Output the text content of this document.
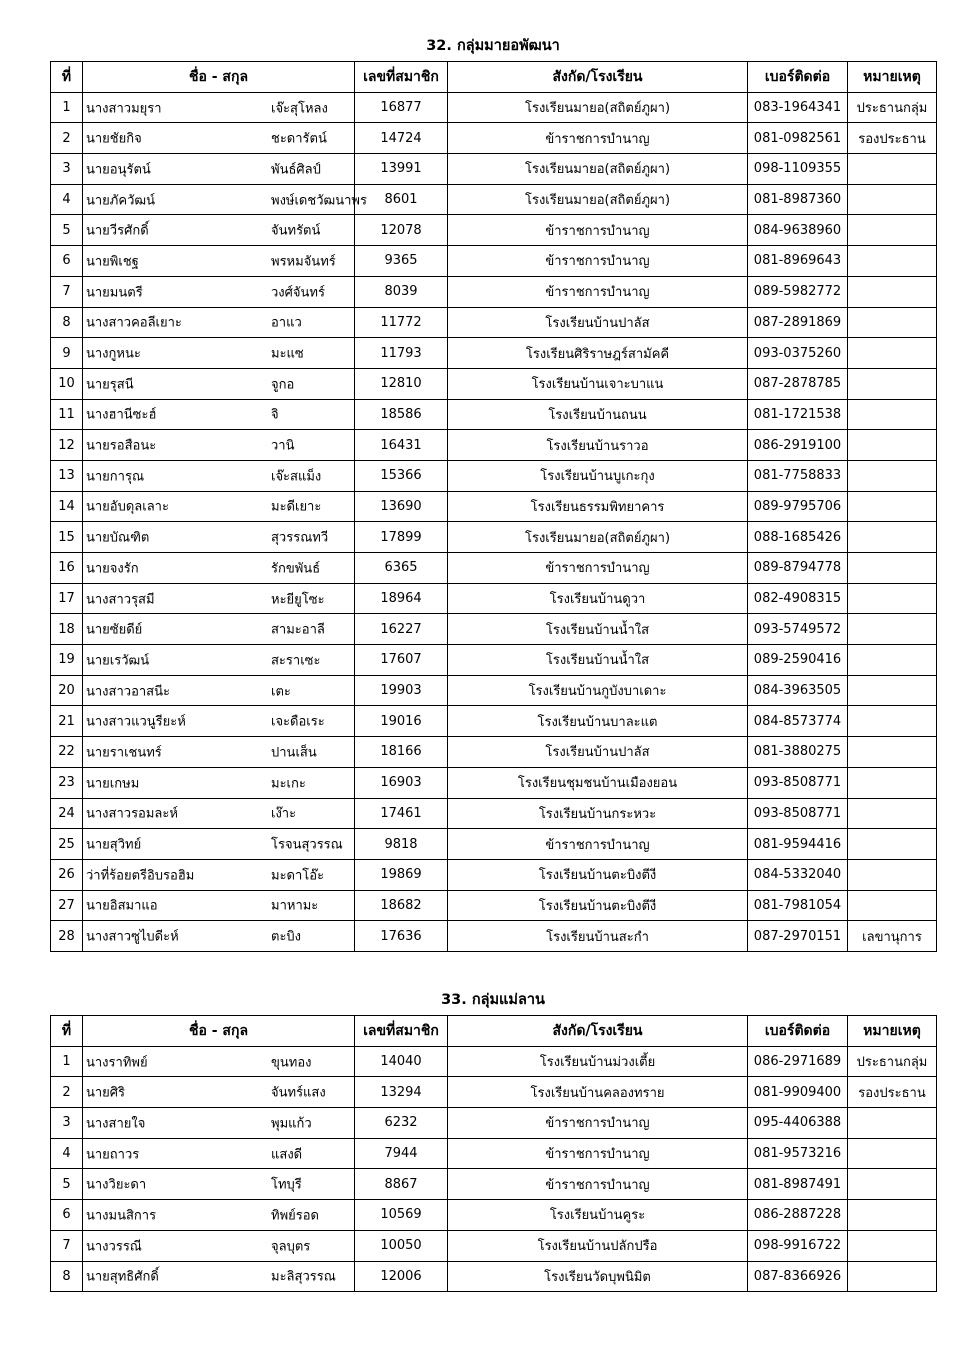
32. กลุ่มมายอพัฒนา
ที่	ชื่อ - สกุล	เลขที่สมาชิก	สังกัด/โรงเรียน	เบอร์ติดต่อ	หมายเหตุ
1	นางสาวมยุรา เจ๊ะสุโหลง	16877	โรงเรียนมายอ(สถิตย์ภูผา)	083-1964341	ประธานกลุ่ม
2	นายชัยกิจ ชะดารัตน์	14724	ข้าราชการบำนาญ	081-0982561	รองประธาน
3	นายอนุรัตน์ พันธ์ศิลป์	13991	โรงเรียนมายอ(สถิตย์ภูผา)	098-1109355	
4	นายภัควัฒน์ พงษ์เดชวัฒนาพร	8601	โรงเรียนมายอ(สถิตย์ภูผา)	081-8987360	
5	นายวีรศักดิ์ จันทรัตน์	12078	ข้าราชการบำนาญ	084-9638960	
6	นายพิเชฐ พรหมจันทร์	9365	ข้าราชการบำนาญ	081-8969643	
7	นายมนตรี วงศ์จันทร์	8039	ข้าราชการบำนาญ	089-5982772	
8	นางสาวคอลีเยาะ อาแว	11772	โรงเรียนบ้านปาลัส	087-2891869	
9	นางกูหนะ มะแซ	11793	โรงเรียนศิริราษฎร์สามัคคี	093-0375260	
10	นายรุสนี จูกอ	12810	โรงเรียนบ้านเจาะบาแน	087-2878785	
11	นางฮานีซะฮ์ จิ	18586	โรงเรียนบ้านถนน	081-1721538	
12	นายรอสือนะ วานิ	16431	โรงเรียนบ้านราวอ	086-2919100	
13	นายการุณ เจ๊ะสแม็ง	15366	โรงเรียนบ้านบูเกะกุง	081-7758833	
14	นายอับดุลเลาะ มะดีเยาะ	13690	โรงเรียนธรรมพิทยาคาร	089-9795706	
15	นายบัณฑิต สุวรรณทวี	17899	โรงเรียนมายอ(สถิตย์ภูผา)	088-1685426	
16	นายจงรัก รักขพันธ์	6365	ข้าราชการบำนาญ	089-8794778	
17	นางสาวรุสมี หะยียูโซะ	18964	โรงเรียนบ้านดูวา	082-4908315	
18	นายซัยดีย์ สามะอาลี	16227	โรงเรียนบ้านน้ำใส	093-5749572	
19	นายเรวัฒน์ สะราเซะ	17607	โรงเรียนบ้านน้ำใส	089-2590416	
20	นางสาวอาสนีะ เตะ	19903	โรงเรียนบ้านกูบังบาเดาะ	084-3963505	
21	นางสาวแวนูรียะห์ เจะดือเระ	19016	โรงเรียนบ้านบาละแต	084-8573774	
22	นายราเชนทร์ ปานเส็น	18166	โรงเรียนบ้านปาลัส	081-3880275	
23	นายเกษม มะเกะ	16903	โรงเรียนชุมชนบ้านเมืองยอน	093-8508771	
24	นางสาวรอมละห์ เง๊าะ	17461	โรงเรียนบ้านกระหวะ	093-8508771	
25	นายสุวิทย์ โรจนสุวรรณ	9818	ข้าราชการบำนาญ	081-9594416	
26	ว่าที่ร้อยตรีอิบรอฮิม มะดาโอ๊ะ	19869	โรงเรียนบ้านตะบิงตีงี	084-5332040	
27	นายอิสมาแอ มาหามะ	18682	โรงเรียนบ้านตะบิงตีงี	081-7981054	
28	นางสาวซูไบดีะห์ ตะบิง	17636	โรงเรียนบ้านสะกำ	087-2970151	เลขานุการ
33. กลุ่มแม่ลาน
ที่	ชื่อ - สกุล	เลขที่สมาชิก	สังกัด/โรงเรียน	เบอร์ติดต่อ	หมายเหตุ
1	นางราทิพย์ ขุนทอง	14040	โรงเรียนบ้านม่วงเตี้ย	086-2971689	ประธานกลุ่ม
2	นายศิริ จันทร์แสง	13294	โรงเรียนบ้านคลองทราย	081-9909400	รองประธาน
3	นางสายใจ พุมแก้ว	6232	ข้าราชการบำนาญ	095-4406388	
4	นายถาวร แสงดี	7944	ข้าราชการบำนาญ	081-9573216	
5	นางวิยะดา โทบุรี	8867	ข้าราชการบำนาญ	081-8987491	
6	นางมนสิการ ทิพย์รอด	10569	โรงเรียนบ้านคูระ	086-2887228	
7	นางวรรณี จุลบุตร	10050	โรงเรียนบ้านปลักปรือ	098-9916722	
8	นายสุทธิศักดิ์ มะลิสุวรรณ	12006	โรงเรียนวัดบุพนิมิต	087-8366926	
